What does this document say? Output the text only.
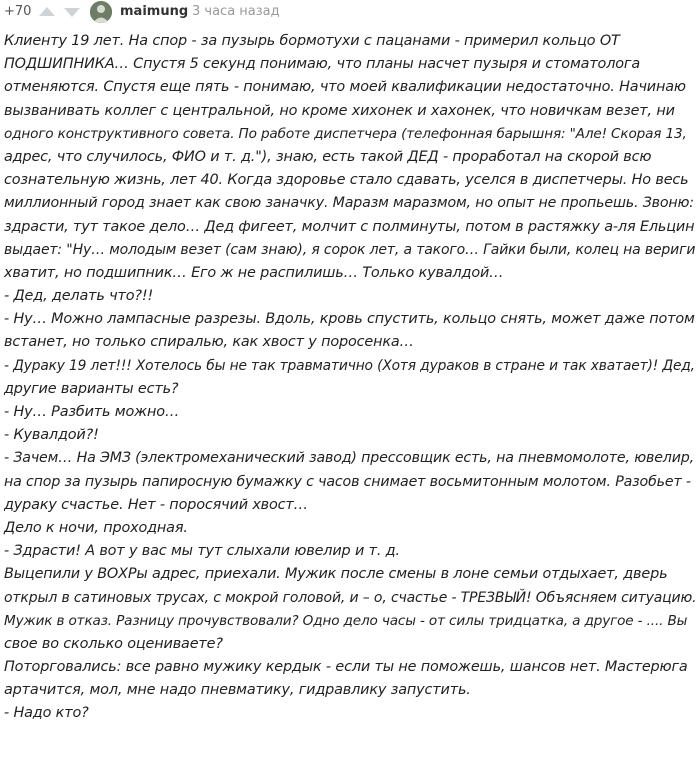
+70	maimung 3 часа назад
Клиенту 19 лет. На спор - за пузырь бормотухи с пацанами - примерил кольцо ОТ
ПОДШИПНИКА… Спустя 5 секунд понимаю, что планы насчет пузыря и стоматолога
отменяются. Спустя еще пять - понимаю, что моей квалификации недостаточно. Начинаю
вызванивать коллег с центральной, но кроме хихонек и хахонек, что новичкам везет, ни
одного конструктивного совета. По работе диспетчера (телефонная барышня: "Але! Скорая 13,
адрес, что случилось, ФИО и т. д."), знаю, есть такой ДЕД - проработал на скорой всю
сознательную жизнь, лет 40. Когда здоровье стало сдавать, уселся в диспетчеры. Но весь
миллионный город знает как свою заначку. Маразм маразмом, но опыт не пропьешь. Звоню:
здрасти, тут такое дело… Дед фигеет, молчит с полминуты, потом в растяжку а-ля Ельцин
выдает: "Ну… молодым везет (сам знаю), я сорок лет, а такого… Гайки были, колец на вериги
хватит, но подшипник… Его ж не распилишь… Только кувалдой…
- Дед, делать что?!!
- Ну… Можно лампасные разрезы. Вдоль, кровь спустить, кольцо снять, может даже потом
встанет, но только спиралью, как хвост у поросенка…
- Дураку 19 лет!!! Хотелось бы не так травматично (Хотя дураков в стране и так хватает)! Дед,
другие варианты есть?
- Ну… Разбить можно…
- Кувалдой?!
- Зачем… На ЭМЗ (электромеханический завод) прессовщик есть, на пневмомолоте, ювелир,
на спор за пузырь папиросную бумажку с часов снимает восьмитонным молотом. Разобьет -
дураку счастье. Нет - поросячий хвост…
Дело к ночи, проходная.
- Здрасти! А вот у вас мы тут слыхали ювелир и т. д.
Выцепили у ВОХРы адрес, приехали. Мужик после смены в лоне семьи отдыхает, дверь
открыл в сатиновых трусах, с мокрой головой, и – о, счастье - ТРЕЗВЫЙ! Объясняем ситуацию.
Мужик в отказ. Разницу прочувствовали? Одно дело часы - от силы тридцатка, а другое - .... Вы
свое во сколько оцениваете?
Поторговались: все равно мужику кердык - если ты не поможешь, шансов нет. Мастерюга
артачится, мол, мне надо пневматику, гидравлику запустить.
- Надо кто?
